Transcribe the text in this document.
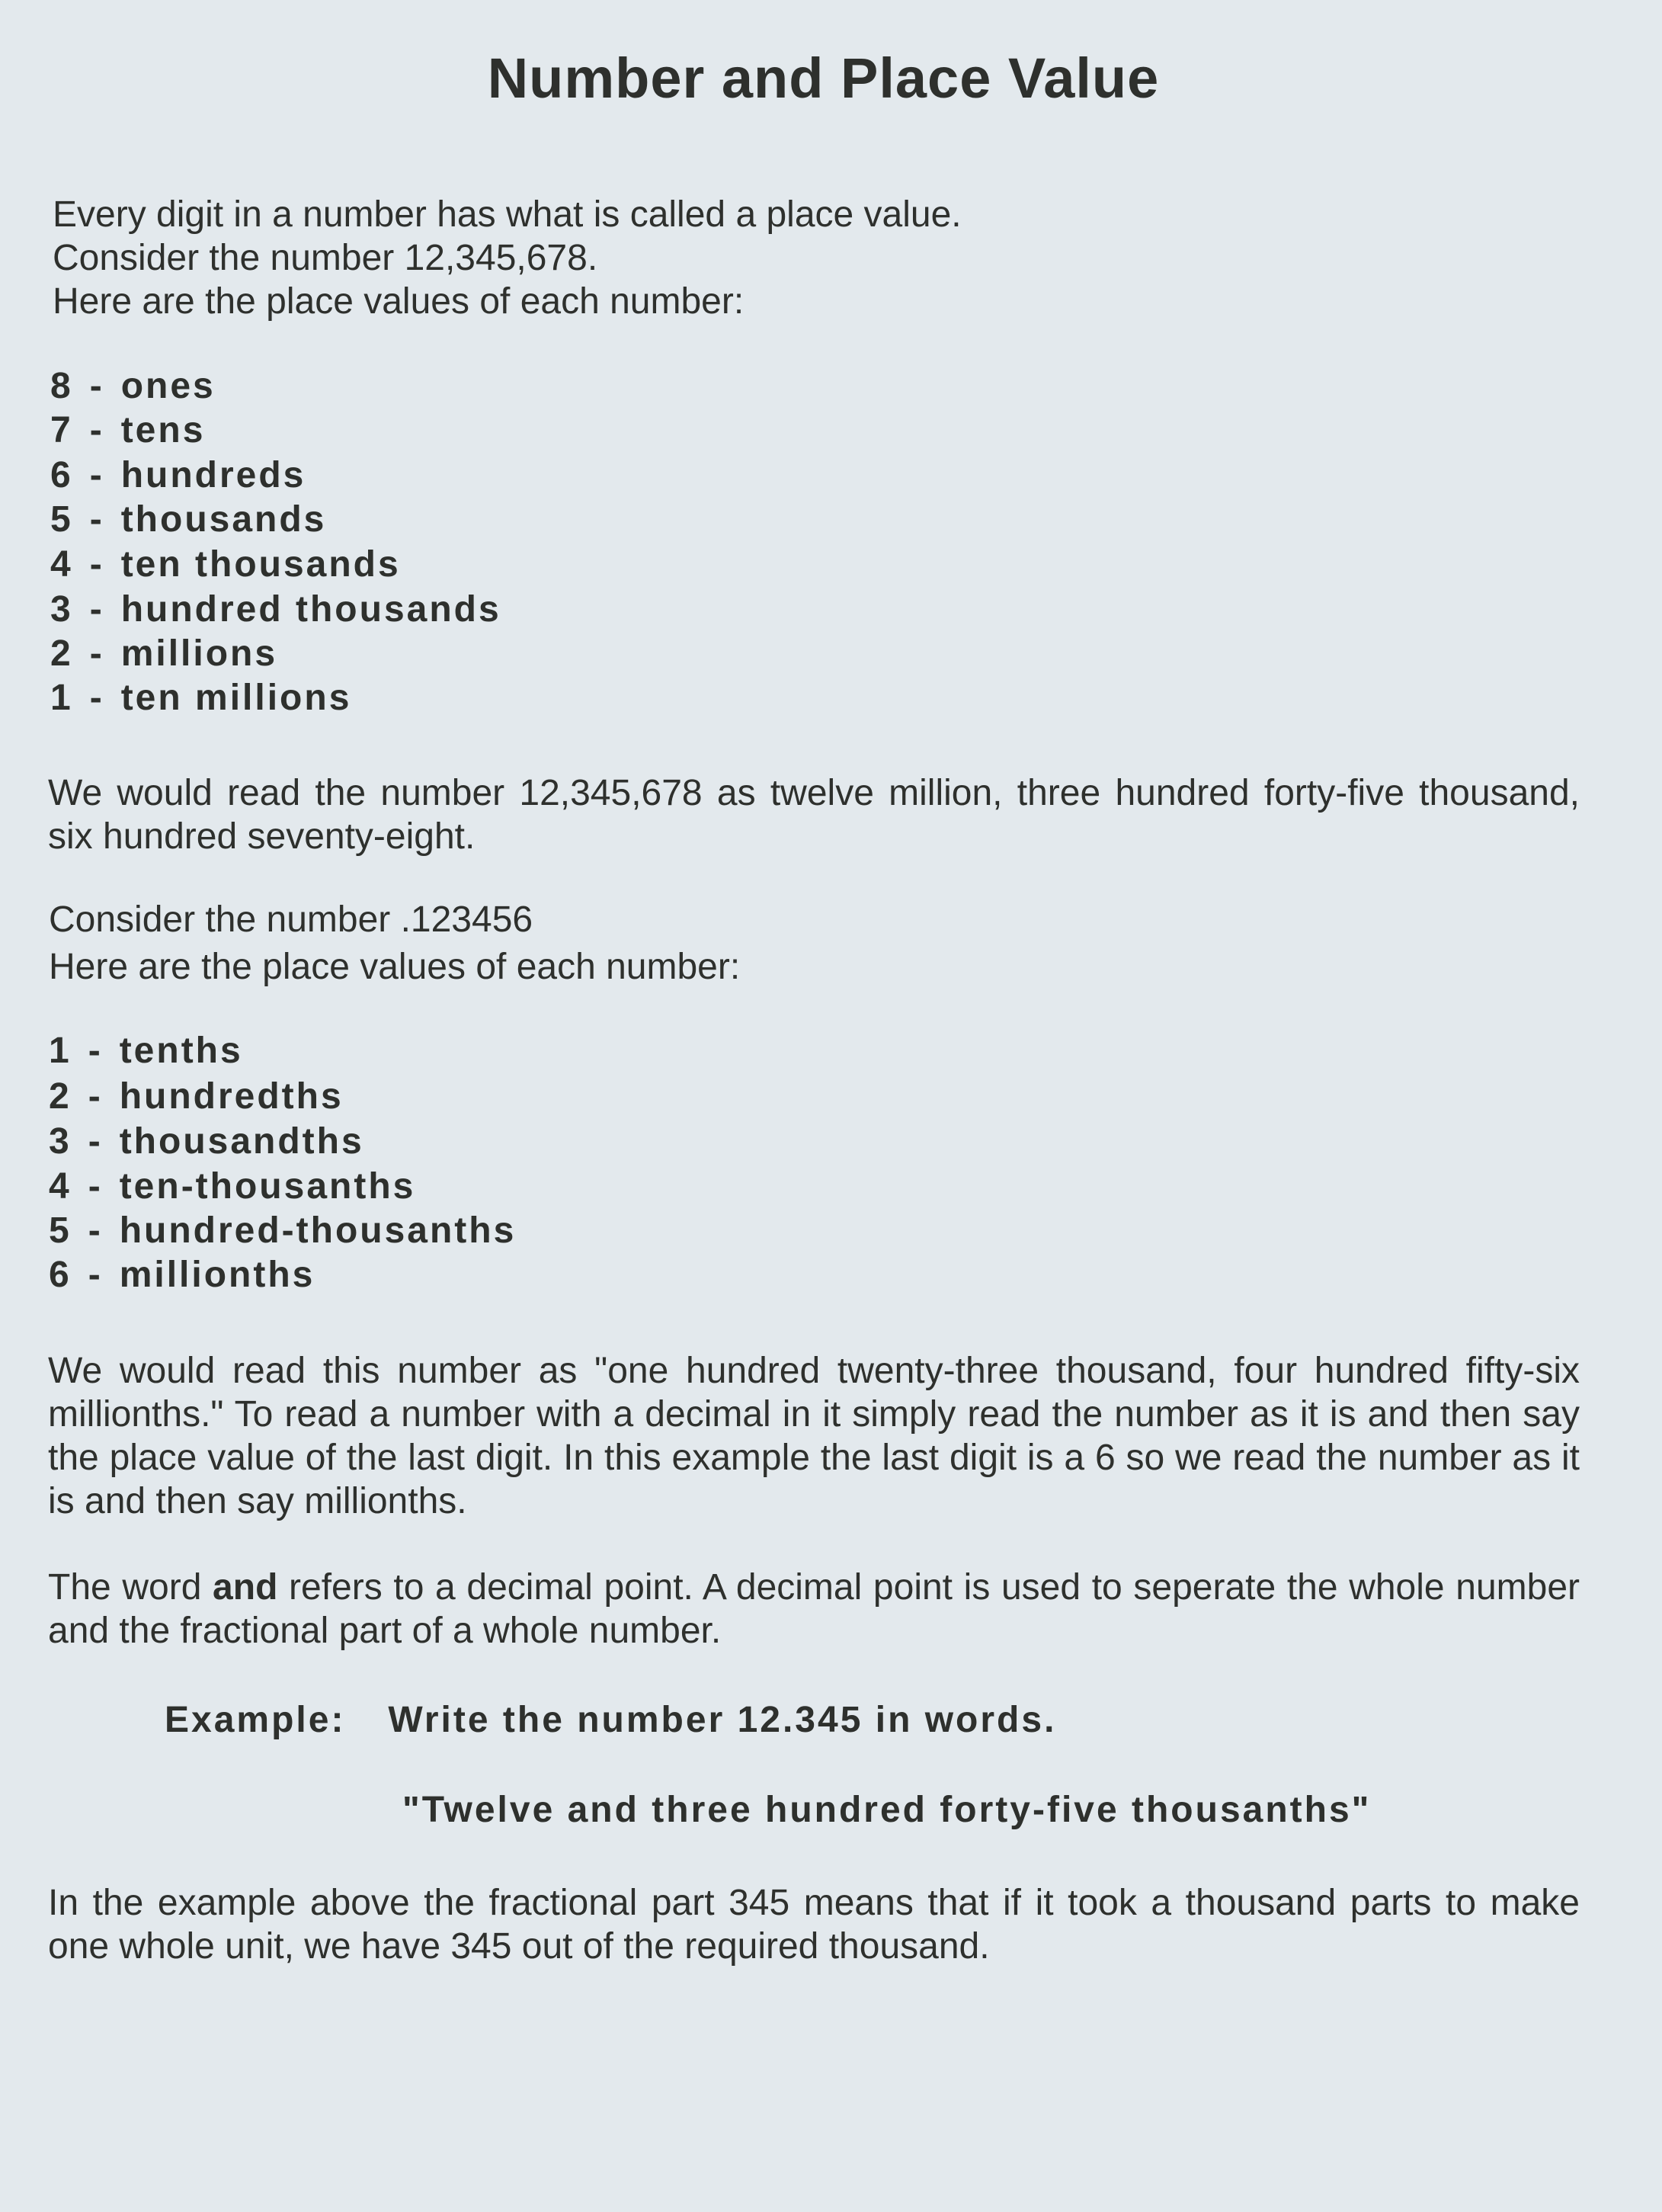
Number and Place Value
Every digit in a number has what is called a place value.
Consider the number 12,345,678.
Here are the place values of each number:
8 - ones
7 - tens
6 - hundreds
5 - thousands
4 - ten thousands
3 - hundred thousands
2 - millions
1 - ten millions
We would read the number 12,345,678 as twelve million, three hundred forty-five thousand, six hundred seventy-eight.
Consider the number .123456
Here are the place values of each number:
1 - tenths
2 - hundredths
3 - thousandths
4 - ten-thousanths
5 - hundred-thousanths
6 - millionths
We would read this number as "one hundred twenty-three thousand, four hundred fifty-six millionths." To read a number with a decimal in it simply read the number as it is and then say the place value of the last digit. In this example the last digit is a 6 so we read the number as it is and then say millionths.
The word and refers to a decimal point. A decimal point is used to seperate the whole number and the fractional part of a whole number.
Example: Write the number 12.345 in words.
"Twelve and three hundred forty-five thousanths"
In the example above the fractional part 345 means that if it took a thousand parts to make one whole unit, we have 345 out of the required thousand.
